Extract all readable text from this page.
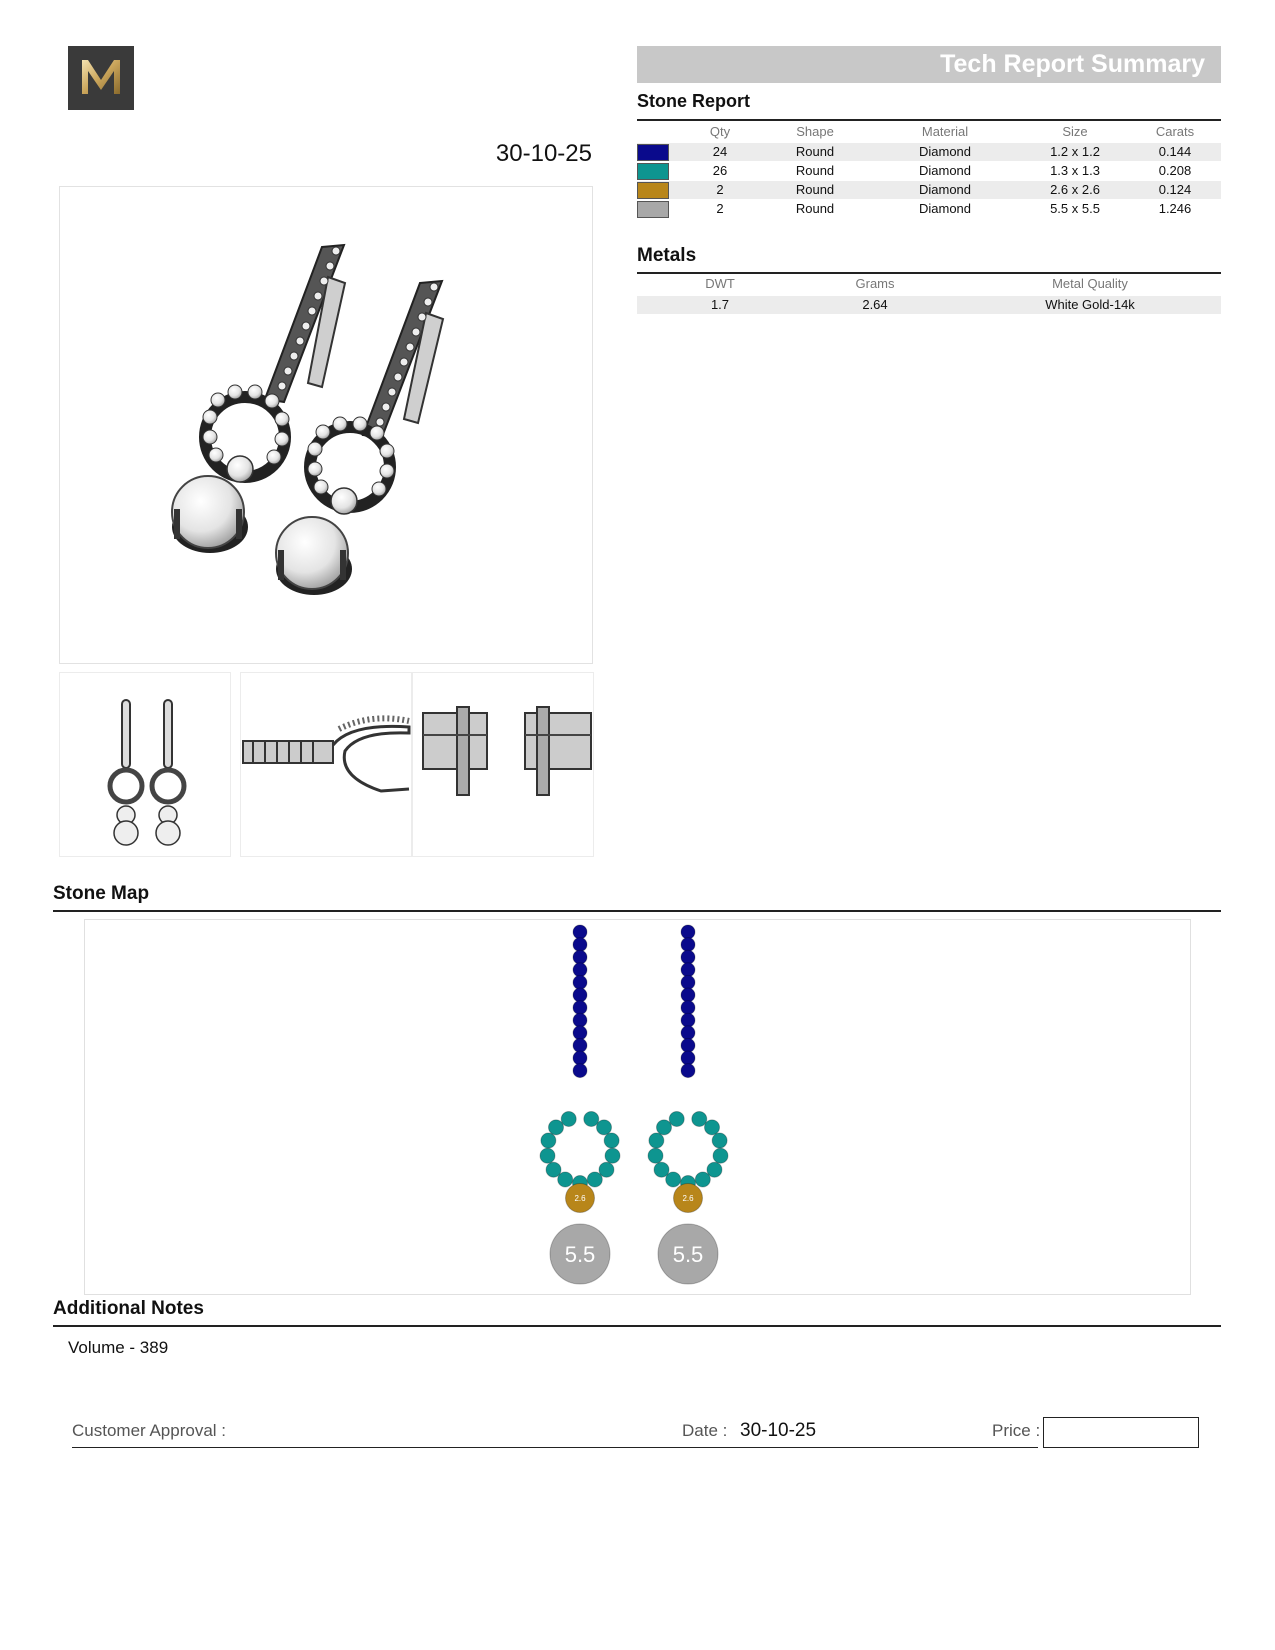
30-10-25
Tech Report Summary
Stone Report
Qty	Shape	Material	Size	Carats
24	Round	Diamond	1.2 x 1.2	0.144
26	Round	Diamond	1.3 x 1.3	0.208
2	Round	Diamond	2.6 x 2.6	0.124
2	Round	Diamond	5.5 x 5.5	1.246
Metals
DWT	Grams	Metal Quality
1.7	2.64	White Gold-14k
Stone Map
2.6
5.5
2.6
5.5
Additional Notes
Volume - 389
Customer Approval :	Date : 30-10-25	Price :
